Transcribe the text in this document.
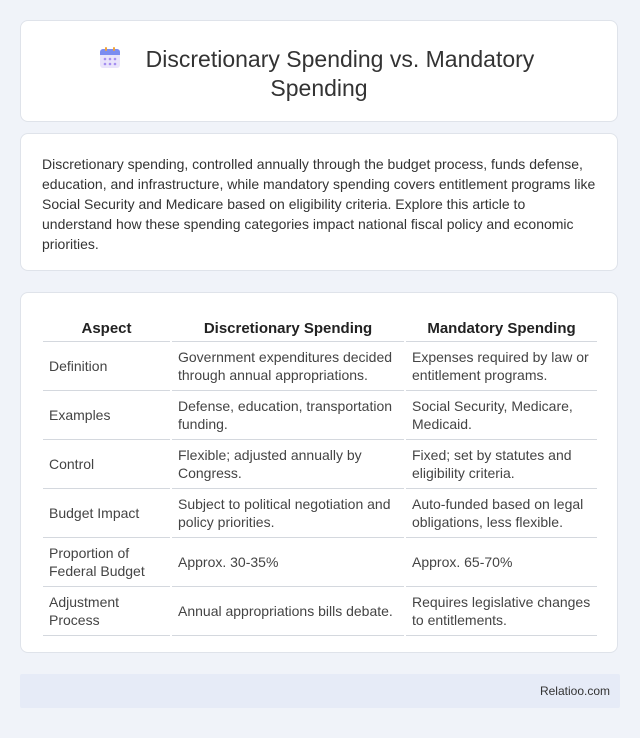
Discretionary Spending vs. Mandatory
Spending

Discretionary spending, controlled annually through the budget process, funds defense, education, and infrastructure, while mandatory spending covers entitlement programs like Social Security and Medicare based on eligibility criteria. Explore this article to understand how these spending categories impact national fiscal policy and economic priorities.

Aspect	Discretionary Spending	Mandatory Spending
Definition	Government expenditures decided through annual appropriations.	Expenses required by law or entitlement programs.
Examples	Defense, education, transportation funding.	Social Security, Medicare, Medicaid.
Control	Flexible; adjusted annually by Congress.	Fixed; set by statutes and eligibility criteria.
Budget Impact	Subject to political negotiation and policy priorities.	Auto-funded based on legal obligations, less flexible.
Proportion of Federal Budget	Approx. 30-35%	Approx. 65-70%
Adjustment Process	Annual appropriations bills debate.	Requires legislative changes to entitlements.
Relatioo.com
